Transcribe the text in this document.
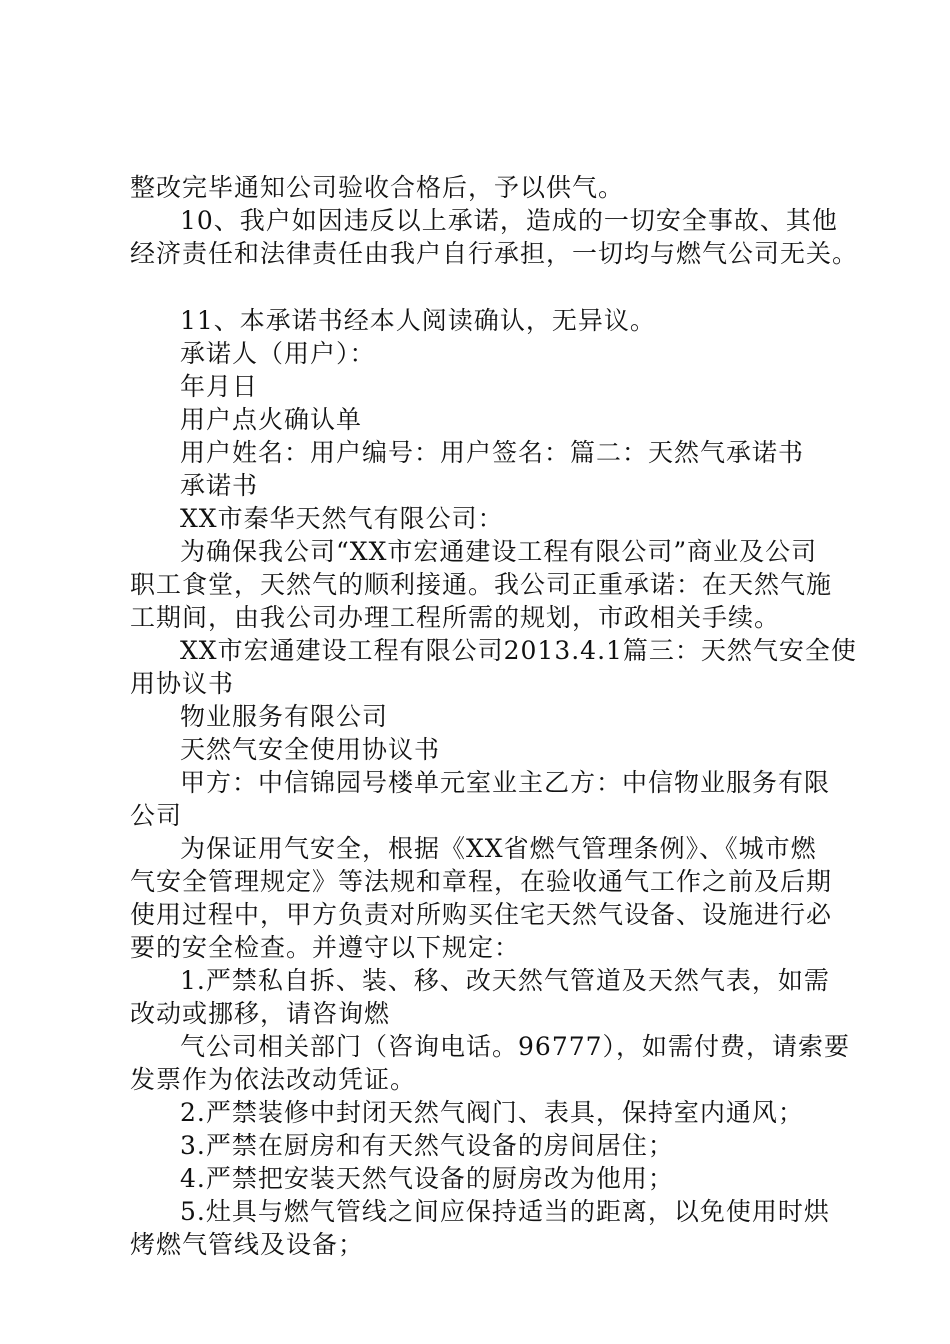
整改完毕通知公司验收合格后，予以供气。
10、我户如因违反以上承诺，造成的一切安全事故、其他
经济责任和法律责任由我户自行承担，一切均与燃气公司无关。
11、本承诺书经本人阅读确认，无异议。
承诺人（用户）：
年月日
用户点火确认单
用户姓名：用户编号：用户签名：篇二：天然气承诺书
承诺书
XX市秦华天然气有限公司：
为确保我公司“XX市宏通建设工程有限公司”商业及公司
职工食堂，天然气的顺利接通。我公司正重承诺：在天然气施
工期间，由我公司办理工程所需的规划，市政相关手续。
XX市宏通建设工程有限公司2013.4.1篇三：天然气安全使
用协议书
物业服务有限公司
天然气安全使用协议书
甲方：中信锦园号楼单元室业主乙方：中信物业服务有限
公司
为保证用气安全，根据《XX省燃气管理条例》、《城市燃
气安全管理规定》等法规和章程，在验收通气工作之前及后期
使用过程中，甲方负责对所购买住宅天然气设备、设施进行必
要的安全检查。并遵守以下规定：
1.严禁私自拆、装、移、改天然气管道及天然气表，如需
改动或挪移，请咨询燃
气公司相关部门（咨询电话。96777），如需付费，请索要
发票作为依法改动凭证。
2.严禁装修中封闭天然气阀门、表具，保持室内通风；
3.严禁在厨房和有天然气设备的房间居住；
4.严禁把安装天然气设备的厨房改为他用；
5.灶具与燃气管线之间应保持适当的距离，以免使用时烘
烤燃气管线及设备；
